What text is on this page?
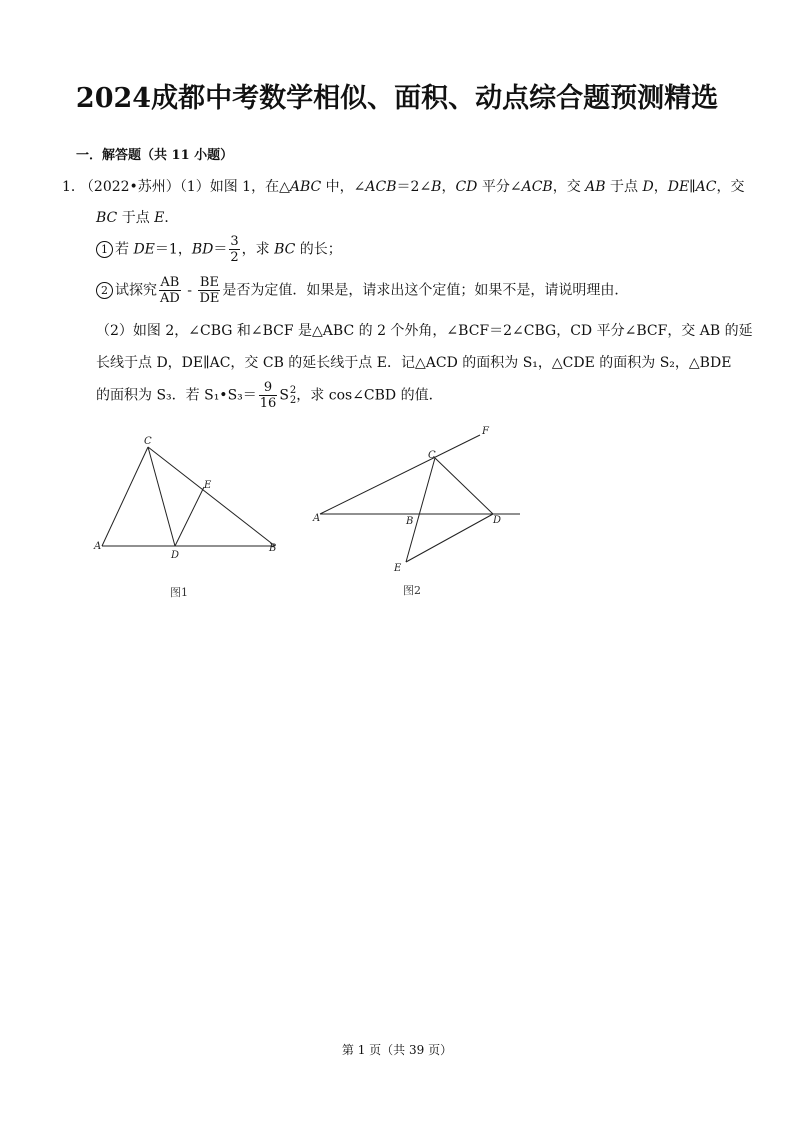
2024成都中考数学相似、面积、动点综合题预测精选
一．解答题（共 11 小题）
1． （2022•苏州）（1）如图 1，在△ABC 中，∠ACB＝2∠B，CD 平分∠ACB，交 AB 于点 D，DE∥AC，交
BC 于点 E．
1 若 DE＝1，$BD= \frac{3}{2}$ ，求 BC 的长；
2 试探究 $\frac{AB}{AD} - \frac{BE}{DE}$ 是否为定值．如果是，请求出这个定值；如果不是，请说明理由．
（2）如图 2，∠CBG 和∠BCF 是△ABC 的 2 个外角，∠BCF＝2∠CBG，CD 平分∠BCF，交 AB 的延
长线于点 D，DE∥AC，交 CB 的延长线于点 E．记△ACD 的面积为 S₁，△CDE 的面积为 S₂，△BDE
的面积为 S₃．若 S₁•S₃＝ $\frac{9}{16}$ S 2
2 ，求 cos∠CBD 的值．
C
E
A
D
B
图1
F
C
A	B	D
E
图2
第 1 页（共 39 页）
